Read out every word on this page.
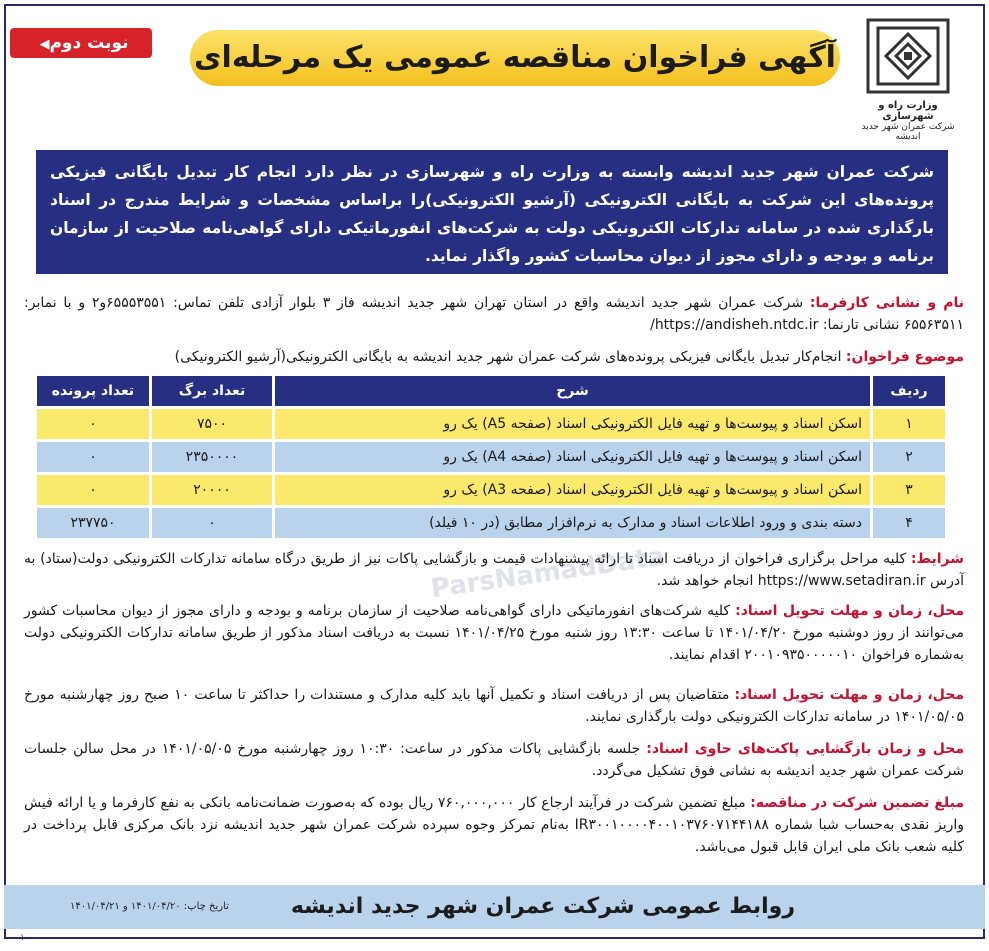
وزارت راه و شهرسازی
شرکت عمران شهر جدید اندیشه
آگهی فراخوان مناقصه عمومی یک مرحله‌ای
نوبت دوم◀
شرکت عمران شهر جدید اندیشه وابسته به وزارت راه و شهرسازی در نظر دارد انجام کار تبدیل بایگانی فیزیکی پرونده‌های این شرکت به بایگانی الکترونیکی (آرشیو الکترونیکی)را براساس مشخصات و شرایط مندرج در اسناد بارگذاری شده در سامانه تدارکات الکترونیکی دولت به شرکت‌های انفورماتیکی دارای گواهی‌نامه صلاحیت از سازمان برنامه و بودجه و دارای مجوز از دیوان محاسبات کشور واگذار نماید.
نام و نشانی کارفرما: شرکت عمران شهر جدید اندیشه واقع در استان تهران شهر جدید اندیشه فاز ۳ بلوار آزادی تلفن تماس: ۶۵۵۵۳۵۵۱و۲ و با نمابر: ۶۵۵۶۳۵۱۱ نشانی تارنما: https://andisheh.ntdc.ir/
موضوع فراخوان: انجام‌کار تبدیل بایگانی فیزیکی پرونده‌های شرکت عمران شهر جدید اندیشه به بایگانی الکترونیکی(آرشیو الکترونیکی)
ردیف	شرح	تعداد برگ	تعداد پرونده
۱	اسکن اسناد و پیوست‌ها و تهیه فایل الکترونیکی اسناد (صفحه A5) یک رو	۷۵۰۰	۰
۲	اسکن اسناد و پیوست‌ها و تهیه فایل الکترونیکی اسناد (صفحه A4) یک رو	۲۳۵۰۰۰۰	۰
۳	اسکن اسناد و پیوست‌ها و تهیه فایل الکترونیکی اسناد (صفحه A3) یک رو	۲۰۰۰۰	۰
۴	دسته بندی و ورود اطلاعات اسناد و مدارک به نرم‌افزار مطابق (در ۱۰ فیلد)	۰	۲۳۷۷۵۰
ParsNamadData	شرایط: کلیه مراحل برگزاری فراخوان از دریافت اسناد تا ارائه پیشنهادات قیمت و بازگشایی پاکات نیز از طریق درگاه سامانه تدارکات الکترونیکی دولت(ستاد) به آدرس https://www.setadiran.ir انجام خواهد شد.
محل، زمان و مهلت تحویل اسناد: کلیه شرکت‌های انفورماتیکی دارای گواهی‌نامه صلاحیت از سازمان برنامه و بودجه و دارای مجوز از دیوان محاسبات کشور می‌توانند از روز دوشنبه مورخ ۱۴۰۱/۰۴/۲۰ تا ساعت ۱۳:۳۰ روز شنبه مورخ ۱۴۰۱/۰۴/۲۵ نسبت به دریافت اسناد مذکور از طریق سامانه تدارکات الکترونیکی دولت به‌شماره فراخوان ۲۰۰۱۰۹۳۵۰۰۰۰۰۱۰ اقدام نمایند.
محل، زمان و مهلت تحویل اسناد: متقاضیان پس از دریافت اسناد و تکمیل آنها باید کلیه مدارک و مستندات را حداکثر تا ساعت ۱۰ صبح روز چهارشنبه مورخ ۱۴۰۱/۰۵/۰۵ در سامانه تدارکات الکترونیکی دولت بارگذاری نمایند.
محل و زمان بازگشایی پاکت‌های حاوی اسناد: جلسه بازگشایی پاکات مذکور در ساعت: ۱۰:۳۰ روز چهارشنبه مورخ ۱۴۰۱/۰۵/۰۵ در محل سالن جلسات شرکت عمران شهر جدید اندیشه به نشانی فوق تشکیل می‌گردد.
مبلغ تضمین شرکت در مناقصه: مبلغ تضمین شرکت در فرآیند ارجاع کار ۷۶۰,۰۰۰,۰۰۰ ریال بوده که به‌صورت ضمانت‌نامه بانکی به نفع کارفرما و یا ارائه فیش واریز نقدی به‌حساب شبا شماره IR۳۰۰۱۰۰۰۰۴۰۰۱۰۳۷۶۰۷۱۴۴۱۸۸ به‌نام تمرکز وجوه سپرده شرکت عمران شهر جدید اندیشه نزد بانک مرکزی قابل پرداخت در کلیه شعب بانک ملی ایران قابل قبول می‌باشد.
روابط عمومی شرکت عمران شهر جدید اندیشه
تاریخ چاپ: ۱۴۰۱/۰۴/۲۰ و ۱۴۰۱/۰۴/۲۱
۱۰۰
